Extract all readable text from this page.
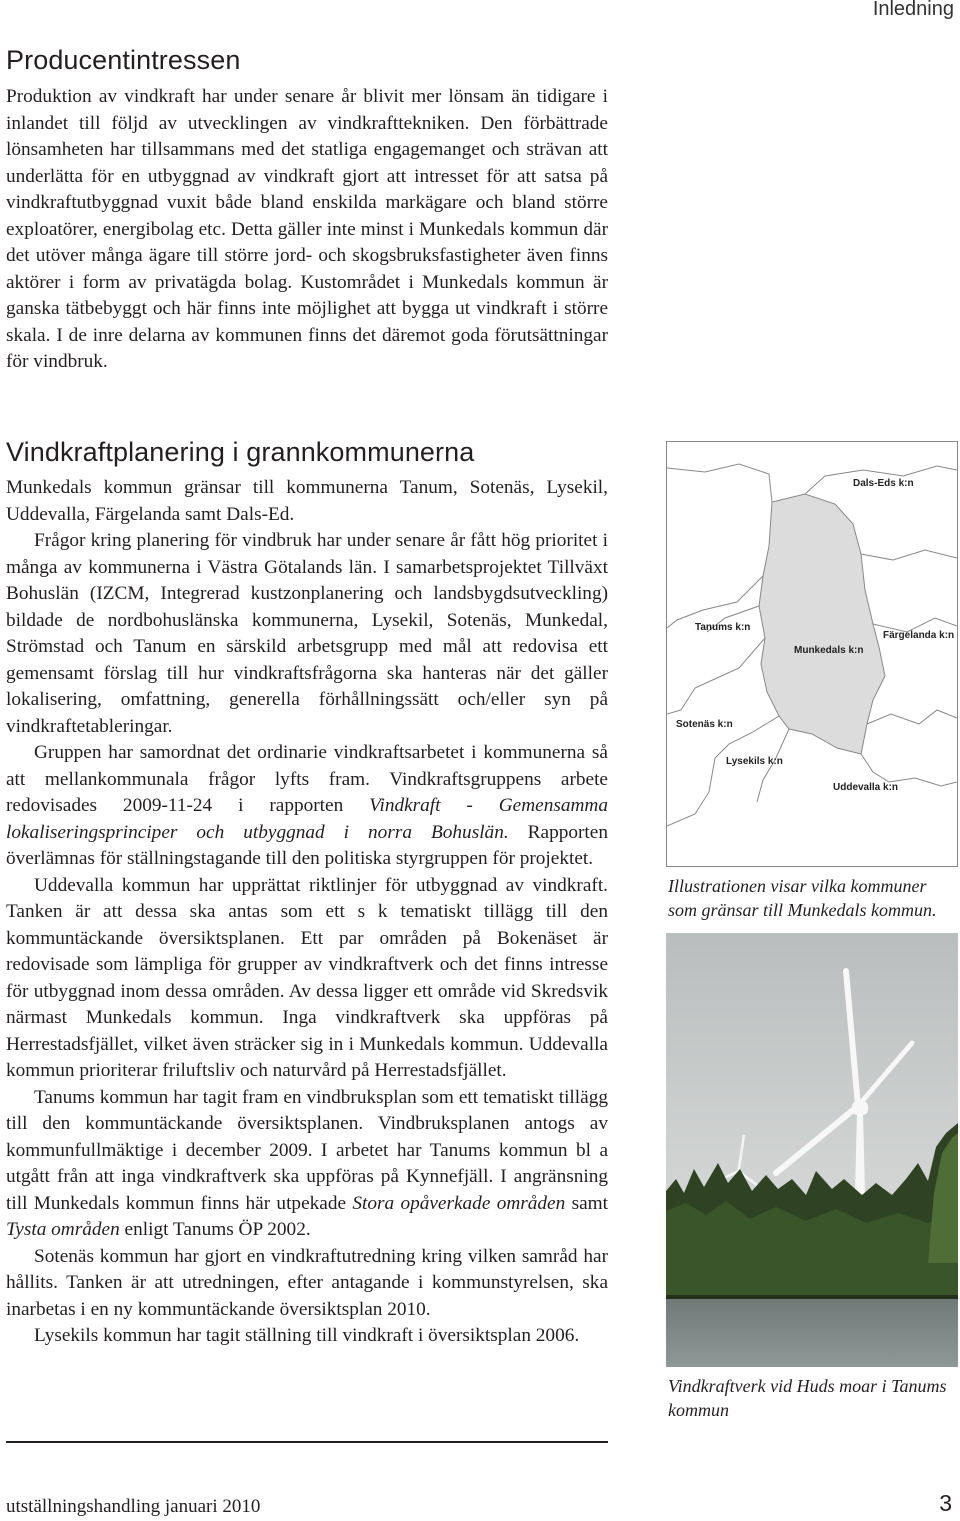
Inledning
Producentintressen

Produktion av vindkraft har under senare år blivit mer lönsam än tidigare i inlandet till följd av utvecklingen av vindkrafttekniken. Den förbättrade lönsamheten har tillsammans med det statliga engagemanget och strävan att underlätta för en utbyggnad av vindkraft gjort att intresset för att satsa på vindkraftutbyggnad vuxit både bland enskilda markägare och bland större exploatörer, energibolag etc. Detta gäller inte minst i Munkedals kommun där det utöver många ägare till större jord- och skogsbruksfastigheter även finns aktörer i form av privatägda bolag. Kustområdet i Munkedals kommun är ganska tätbebyggt och här finns inte möjlighet att bygga ut vindkraft i större skala. I de inre delarna av kommunen finns det däremot goda förutsättningar för vindbruk.

Vindkraftplanering i grannkommunerna

Munkedals kommun gränsar till kommunerna Tanum, Sotenäs, Lysekil, Uddevalla, Färgelanda samt Dals-Ed.

Frågor kring planering för vindbruk har under senare år fått hög prioritet i många av kommunerna i Västra Götalands län. I samarbetsprojektet Tillväxt Bohuslän (IZCM, Integrerad kustzonplanering och landsbygdsutveckling) bildade de nordbohuslänska kommunerna, Lysekil, Sotenäs, Munkedal, Strömstad och Tanum en särskild arbetsgrupp med mål att redovisa ett gemensamt förslag till hur vindkraftsfrågorna ska hanteras när det gäller lokalisering, omfattning, generella förhållningssätt och/eller syn på vindkraftetableringar.

Gruppen har samordnat det ordinarie vindkraftsarbetet i kommunerna så att mellankommunala frågor lyfts fram. Vindkraftsgruppens arbete redovisades 2009-11-24 i rapporten Vindkraft - Gemensamma lokaliseringsprinciper och utbyggnad i norra Bohuslän. Rapporten överlämnas för ställningstagande till den politiska styrgruppen för projektet.

Uddevalla kommun har upprättat riktlinjer för utbyggnad av vindkraft. Tanken är att dessa ska antas som ett s k tematiskt tillägg till den kommuntäckande översiktsplanen. Ett par områden på Bokenäset är redovisade som lämpliga för grupper av vindkraftverk och det finns intresse för utbyggnad inom dessa områden. Av dessa ligger ett område vid Skredsvik närmast Munkedals kommun. Inga vindkraftverk ska uppföras på Herrestadsfjället, vilket även sträcker sig in i Munkedals kommun. Uddevalla kommun prioriterar friluftsliv och naturvård på Herrestadsfjället.

Tanums kommun har tagit fram en vindbruksplan som ett tematiskt tillägg till den kommuntäckande översiktsplanen. Vindbruksplanen antogs av kommunfullmäktige i december 2009. I arbetet har Tanums kommun bl a utgått från att inga vindkraftverk ska uppföras på Kynnefjäll. I angränsning till Munkedals kommun finns här utpekade Stora opåverkade områden samt Tysta områden enligt Tanums ÖP 2002.

Sotenäs kommun har gjort en vindkraftutredning kring vilken samråd har hållits. Tanken är att utredningen, efter antagande i kommunstyrelsen, ska inarbetas i en ny kommuntäckande översiktsplan 2010.

Lysekils kommun har tagit ställning till vindkraft i översiktsplan 2006.

Dals-Eds k:n
Tanums k:n
Munkedals k:n
Färgelanda k:n
Sotenäs k:n
Lysekils k:n
Uddevalla k:n
Illustrationen visar vilka kommuner som gränsar till Munkedals kommun.
Vindkraftverk vid Huds moar i Tanums kommun
utställningshandling januari 2010	3
